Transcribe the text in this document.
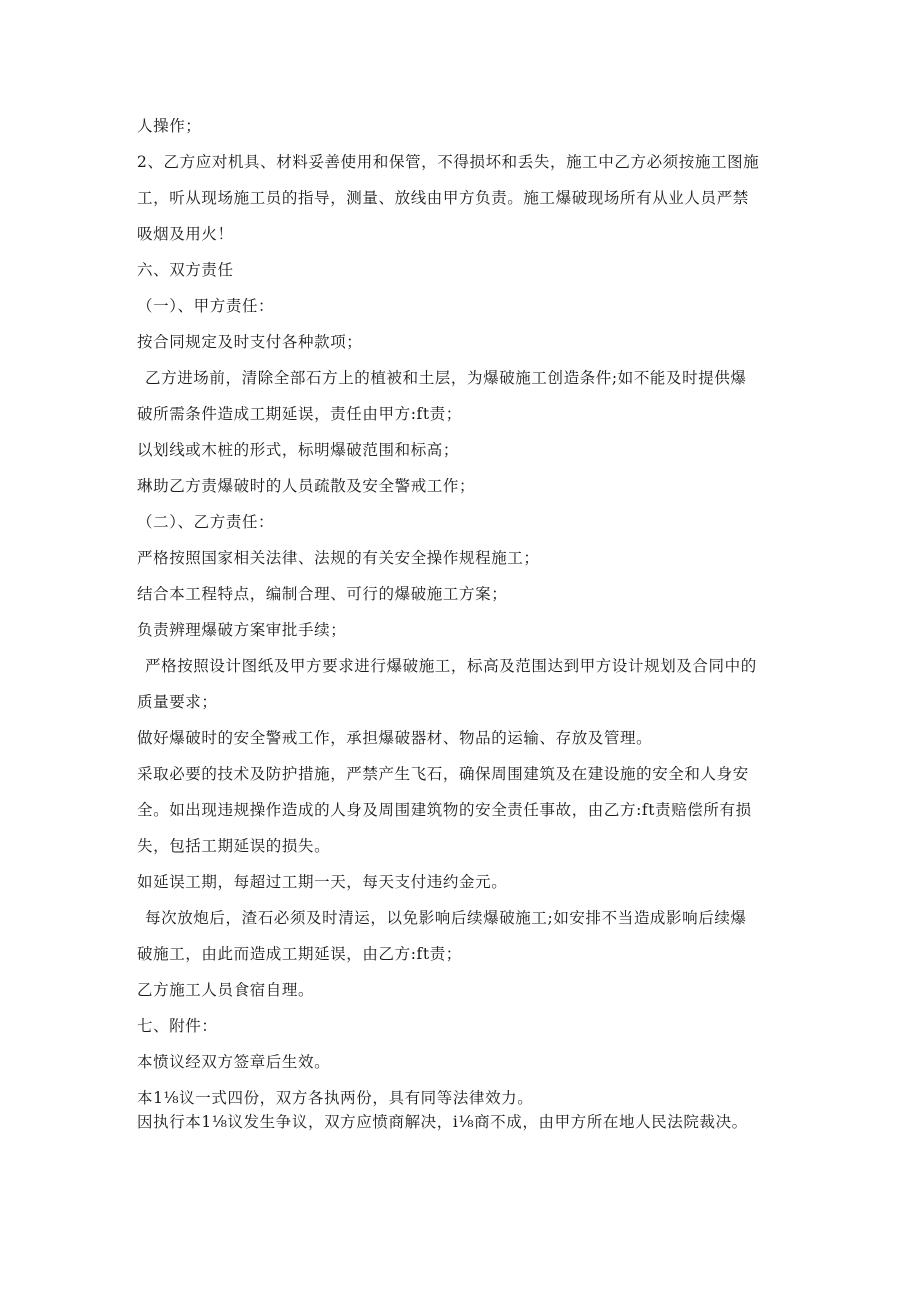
人操作；
2、乙方应对机具、材料妥善使用和保管，不得损坏和丢失，施工中乙方必须按施工图施
工，听从现场施工员的指导，测量、放线由甲方负责。施工爆破现场所有从业人员严禁
吸烟及用火！
六、双方责任
（一）、甲方责任：
按合同规定及时支付各种款项；
乙方进场前，清除全部石方上的植被和土层，为爆破施工创造条件;如不能及时提供爆
破所需条件造成工期延误，责任由甲方:ft责；
以划线或木桩的形式，标明爆破范围和标高；
琳助乙方责爆破时的人员疏散及安全警戒工作；
（二）、乙方责任：
严格按照国家相关法律、法规的有关安全操作规程施工；
结合本工程特点，编制合理、可行的爆破施工方案；
负责辨理爆破方案审批手续；
严格按照设计图纸及甲方要求进行爆破施工，标高及范围达到甲方设计规划及合同中的
质量要求；
做好爆破时的安全警戒工作，承担爆破器材、物品的运输、存放及管理。
采取必要的技术及防护措施，严禁产生飞石，确保周围建筑及在建设施的安全和人身安
全。如出现违规操作造成的人身及周围建筑物的安全责任事故，由乙方:ft责赔偿所有损
失，包括工期延误的损失。
如延误工期，每超过工期一天，每天支付违约金元。
每次放炮后，渣石必须及时清运，以免影响后续爆破施工;如安排不当造成影响后续爆
破施工，由此而造成工期延误，由乙方:ft责；
乙方施工人员食宿自理。
七、附件：
本愤议经双方签章后生效。
本1⅛议一式四份，双方各执两份，具有同等法律效力。
因执行本1⅛议发生争议，双方应愤商解决，i⅛商不成，由甲方所在地人民法院裁决。
